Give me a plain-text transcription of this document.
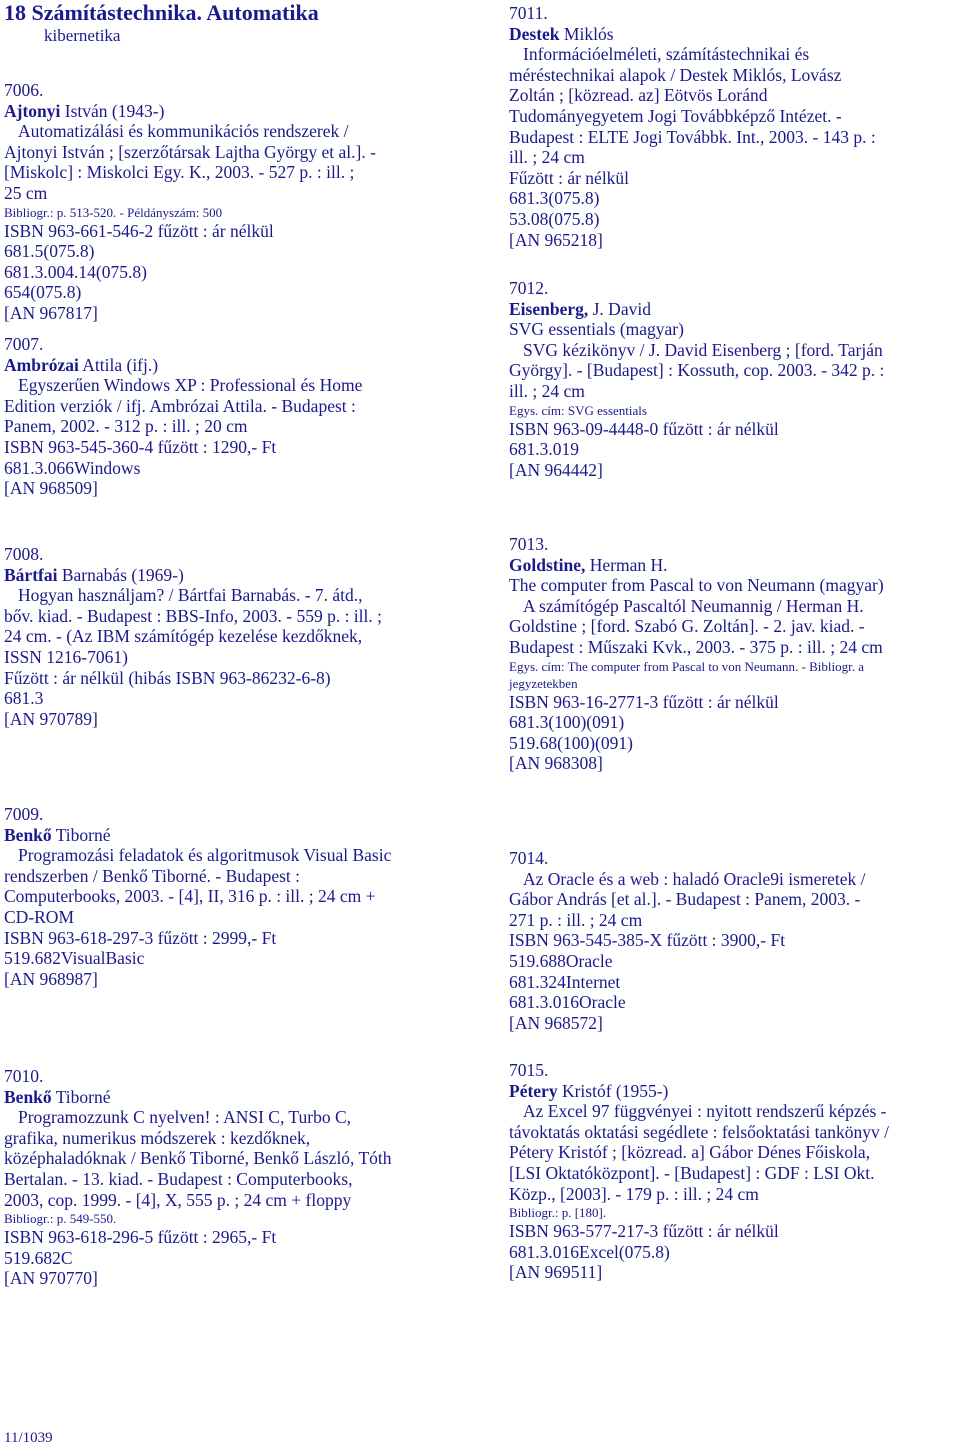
18 Számítástechnika. Automatika
kibernetika
7006.
Ajtonyi István (1943-)
Automatizálási és kommunikációs rendszerek /
Ajtonyi István ; [szerzőtársak Lajtha György et al.]. -
[Miskolc] : Miskolci Egy. K., 2003. - 527 p. : ill. ;
25 cm
Bibliogr.: p. 513-520. - Példányszám: 500
ISBN 963-661-546-2 fűzött : ár nélkül
681.5(075.8)
681.3.004.14(075.8)
654(075.8)
[AN 967817]
7007.
Ambrózai Attila (ifj.)
Egyszerűen Windows XP : Professional és Home
Edition verziók / ifj. Ambrózai Attila. - Budapest :
Panem, 2002. - 312 p. : ill. ; 20 cm
ISBN 963-545-360-4 fűzött : 1290,- Ft
681.3.066Windows
[AN 968509]
7008.
Bártfai Barnabás (1969-)
Hogyan használjam? / Bártfai Barnabás. - 7. átd.,
bőv. kiad. - Budapest : BBS-Info, 2003. - 559 p. : ill. ;
24 cm. - (Az IBM számítógép kezelése kezdőknek,
ISSN 1216-7061)
Fűzött : ár nélkül (hibás ISBN 963-86232-6-8)
681.3
[AN 970789]
7009.
Benkő Tiborné
Programozási feladatok és algoritmusok Visual Basic
rendszerben / Benkő Tiborné. - Budapest :
Computerbooks, 2003. - [4], II, 316 p. : ill. ; 24 cm +
CD-ROM
ISBN 963-618-297-3 fűzött : 2999,- Ft
519.682VisualBasic
[AN 968987]
7010.
Benkő Tiborné
Programozzunk C nyelven! : ANSI C, Turbo C,
grafika, numerikus módszerek : kezdőknek,
középhaladóknak / Benkő Tiborné, Benkő László, Tóth
Bertalan. - 13. kiad. - Budapest : Computerbooks,
2003, cop. 1999. - [4], X, 555 p. ; 24 cm + floppy
Bibliogr.: p. 549-550.
ISBN 963-618-296-5 fűzött : 2965,- Ft
519.682C
[AN 970770]
7011.
Destek Miklós
Információelméleti, számítástechnikai és
méréstechnikai alapok / Destek Miklós, Lovász
Zoltán ; [közread. az] Eötvös Loránd
Tudományegyetem Jogi Továbbképző Intézet. -
Budapest : ELTE Jogi Továbbk. Int., 2003. - 143 p. :
ill. ; 24 cm
Fűzött : ár nélkül
681.3(075.8)
53.08(075.8)
[AN 965218]
7012.
Eisenberg, J. David
SVG essentials (magyar)
SVG kézikönyv / J. David Eisenberg ; [ford. Tarján
György]. - [Budapest] : Kossuth, cop. 2003. - 342 p. :
ill. ; 24 cm
Egys. cím: SVG essentials
ISBN 963-09-4448-0 fűzött : ár nélkül
681.3.019
[AN 964442]
7013.
Goldstine, Herman H.
The computer from Pascal to von Neumann (magyar)
A számítógép Pascaltól Neumannig / Herman H.
Goldstine ; [ford. Szabó G. Zoltán]. - 2. jav. kiad. -
Budapest : Műszaki Kvk., 2003. - 375 p. : ill. ; 24 cm
Egys. cím: The computer from Pascal to von Neumann. - Bibliogr. a
jegyzetekben
ISBN 963-16-2771-3 fűzött : ár nélkül
681.3(100)(091)
519.68(100)(091)
[AN 968308]
7014.
Az Oracle és a web : haladó Oracle9i ismeretek /
Gábor András [et al.]. - Budapest : Panem, 2003. -
271 p. : ill. ; 24 cm
ISBN 963-545-385-X fűzött : 3900,- Ft
519.688Oracle
681.324Internet
681.3.016Oracle
[AN 968572]
7015.
Pétery Kristóf (1955-)
Az Excel 97 függvényei : nyitott rendszerű képzés -
távoktatás oktatási segédlete : felsőoktatási tankönyv /
Pétery Kristóf ; [közread. a] Gábor Dénes Főiskola,
[LSI Oktatóközpont]. - [Budapest] : GDF : LSI Okt.
Közp., [2003]. - 179 p. : ill. ; 24 cm
Bibliogr.: p. [180].
ISBN 963-577-217-3 fűzött : ár nélkül
681.3.016Excel(075.8)
[AN 969511]
11/1039
